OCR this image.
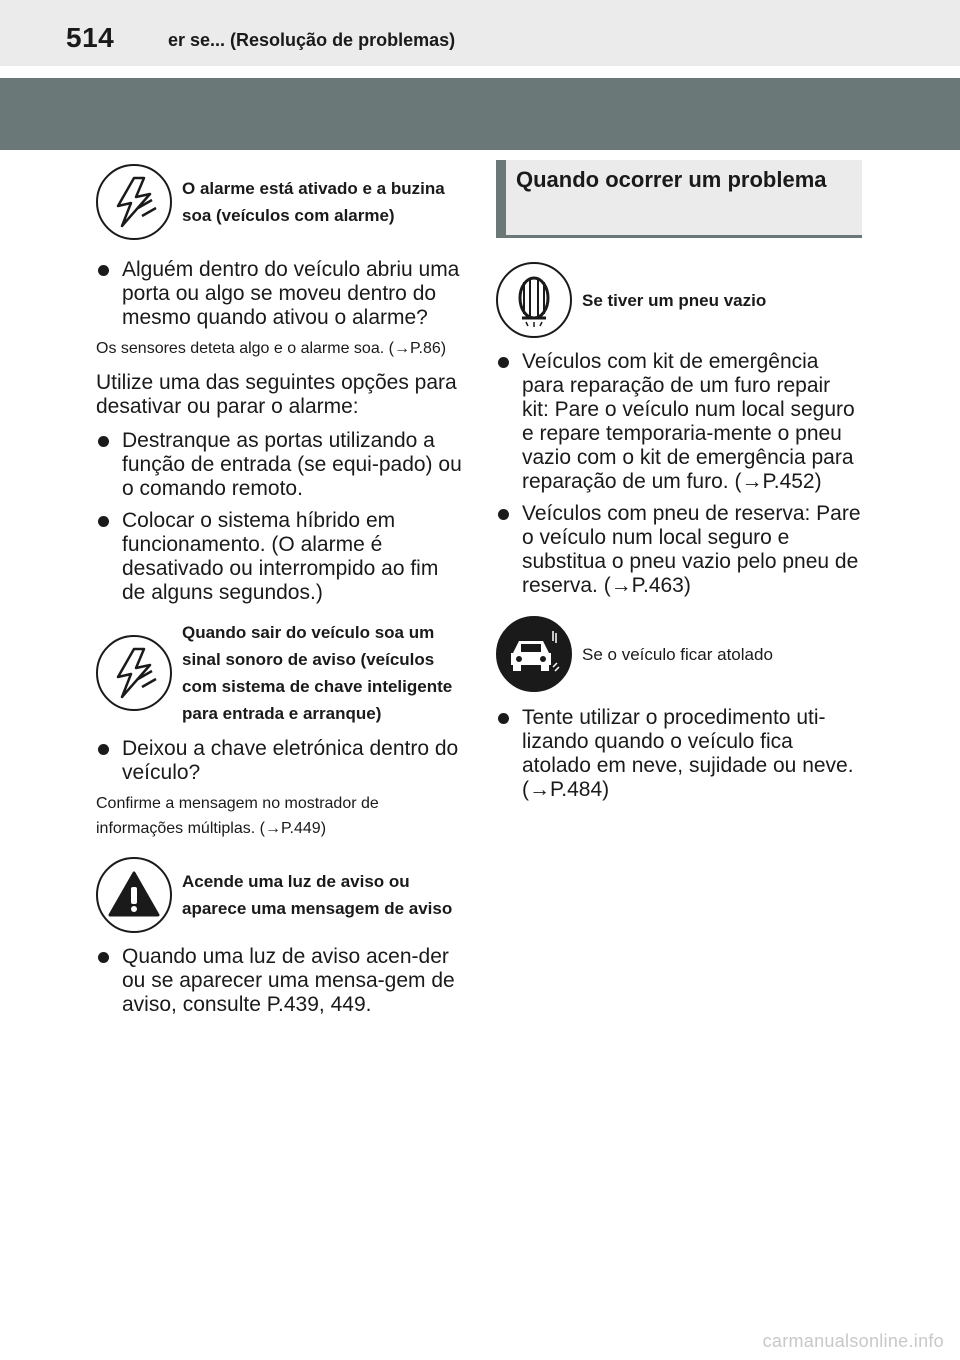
514	er se... (Resolução de problemas)
O alarme está ativado e a buzina soa (veículos com alarme)
Alguém dentro do veículo abriu uma porta ou algo se moveu dentro do mesmo quando ativou o alarme?
Os sensores deteta algo e o alarme soa. (→P.86)
Utilize uma das seguintes opções para desativar ou parar o alarme:
Destranque as portas utilizando a função de entrada (se equi-pado) ou o comando remoto.
Colocar o sistema híbrido em funcionamento. (O alarme é desativado ou interrompido ao fim de alguns segundos.)
Quando sair do veículo soa um sinal sonoro de aviso (veículos com sistema de chave inteligente para entrada e arranque)
Deixou a chave eletrónica dentro do veículo?
Confirme a mensagem no mostrador de informações múltiplas. (→P.449)
Acende uma luz de aviso ou aparece uma mensagem de aviso
Quando uma luz de aviso acen-der ou se aparecer uma mensa-gem de aviso, consulte P.439, 449.
Quando ocorrer um problema
Se tiver um pneu vazio
Veículos com kit de emergência para reparação de um furo repair kit: Pare o veículo num local seguro e repare temporaria-mente o pneu vazio com o kit de emergência para reparação de um furo. (→P.452)
Veículos com pneu de reserva: Pare o veículo num local seguro e substitua o pneu vazio pelo pneu de reserva. (→P.463)
Se o veículo ficar atolado
Tente utilizar o procedimento uti-lizando quando o veículo fica atolado em neve, sujidade ou neve. (→P.484)
carmanualsonline.info
